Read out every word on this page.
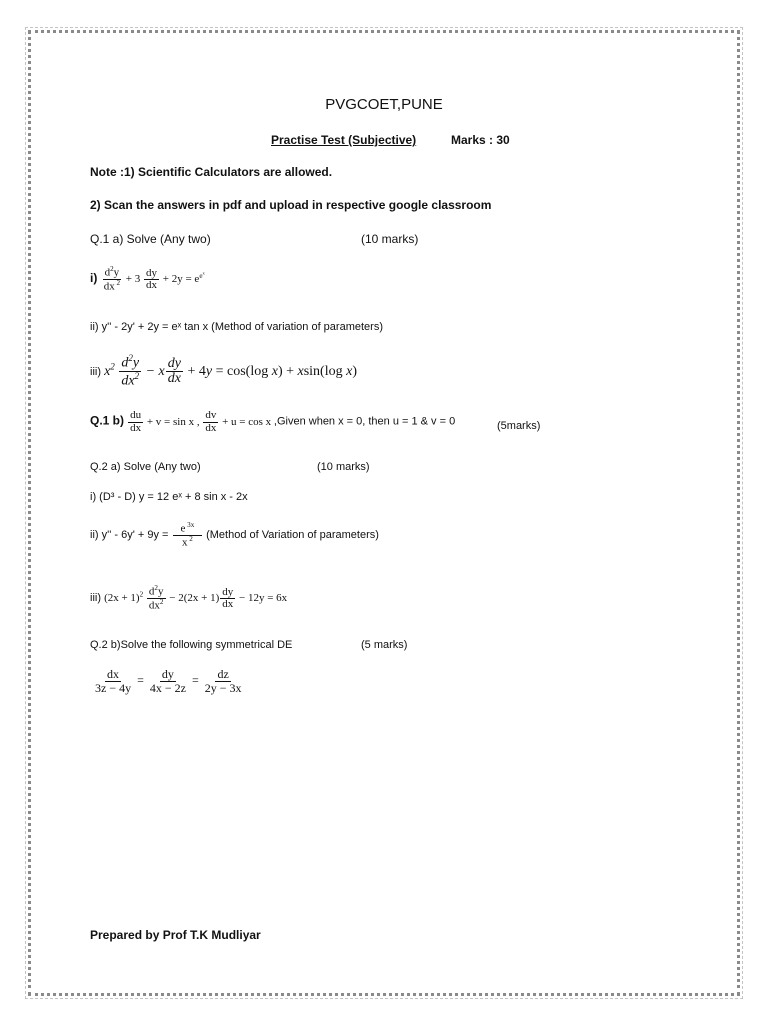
PVGCOET,PUNE
Practise Test (Subjective)	Marks : 30
Note :1) Scientific Calculators are allowed.
2) Scan the answers in pdf and upload in respective google classroom
Q.1 a) Solve (Any two)	(10 marks)
$i) \frac{d^2y}{dx ^2} + 3 \frac{dy}{dx} + 2y = e^{e^x}$
ii) y'' - 2y' + 2y = eˣ tan x (Method of variation of parameters)
iii) $x^2 \frac{d^2y}{dx^2} - x \frac{dy}{dx} + 4y = \cos(\log$ x) + xsin(log x)
Q.1 $b) \frac{du}{dx} + v = \sin x$ , $\frac{dv}{dx} + u = \cos x$ ,Given when x = 0, then u = 1 & v = 0	(5marks)
Q.2 a) Solve (Any two)	(10 marks)
i) (D³ - D) y = 12 eˣ + 8 sin x - 2x
ii) $y'' - 6y' + 9y = \frac{e ^{3x}}{x ^2}$ (Method of Variation of parameters)
iii) $(2x + 1)^2 \frac{d^2y}{dx^2} - 2(2x + 1) \frac{dy}{dx} - 12y = 6x$
Q.2 b)Solve the following symmetrical DE	(5 marks)
$\frac{dx}{3z - 4y} = \frac{dy}{4x - 2z} = \frac{dz}{2y - 3x}$
Prepared by Prof T.K Mudliyar
